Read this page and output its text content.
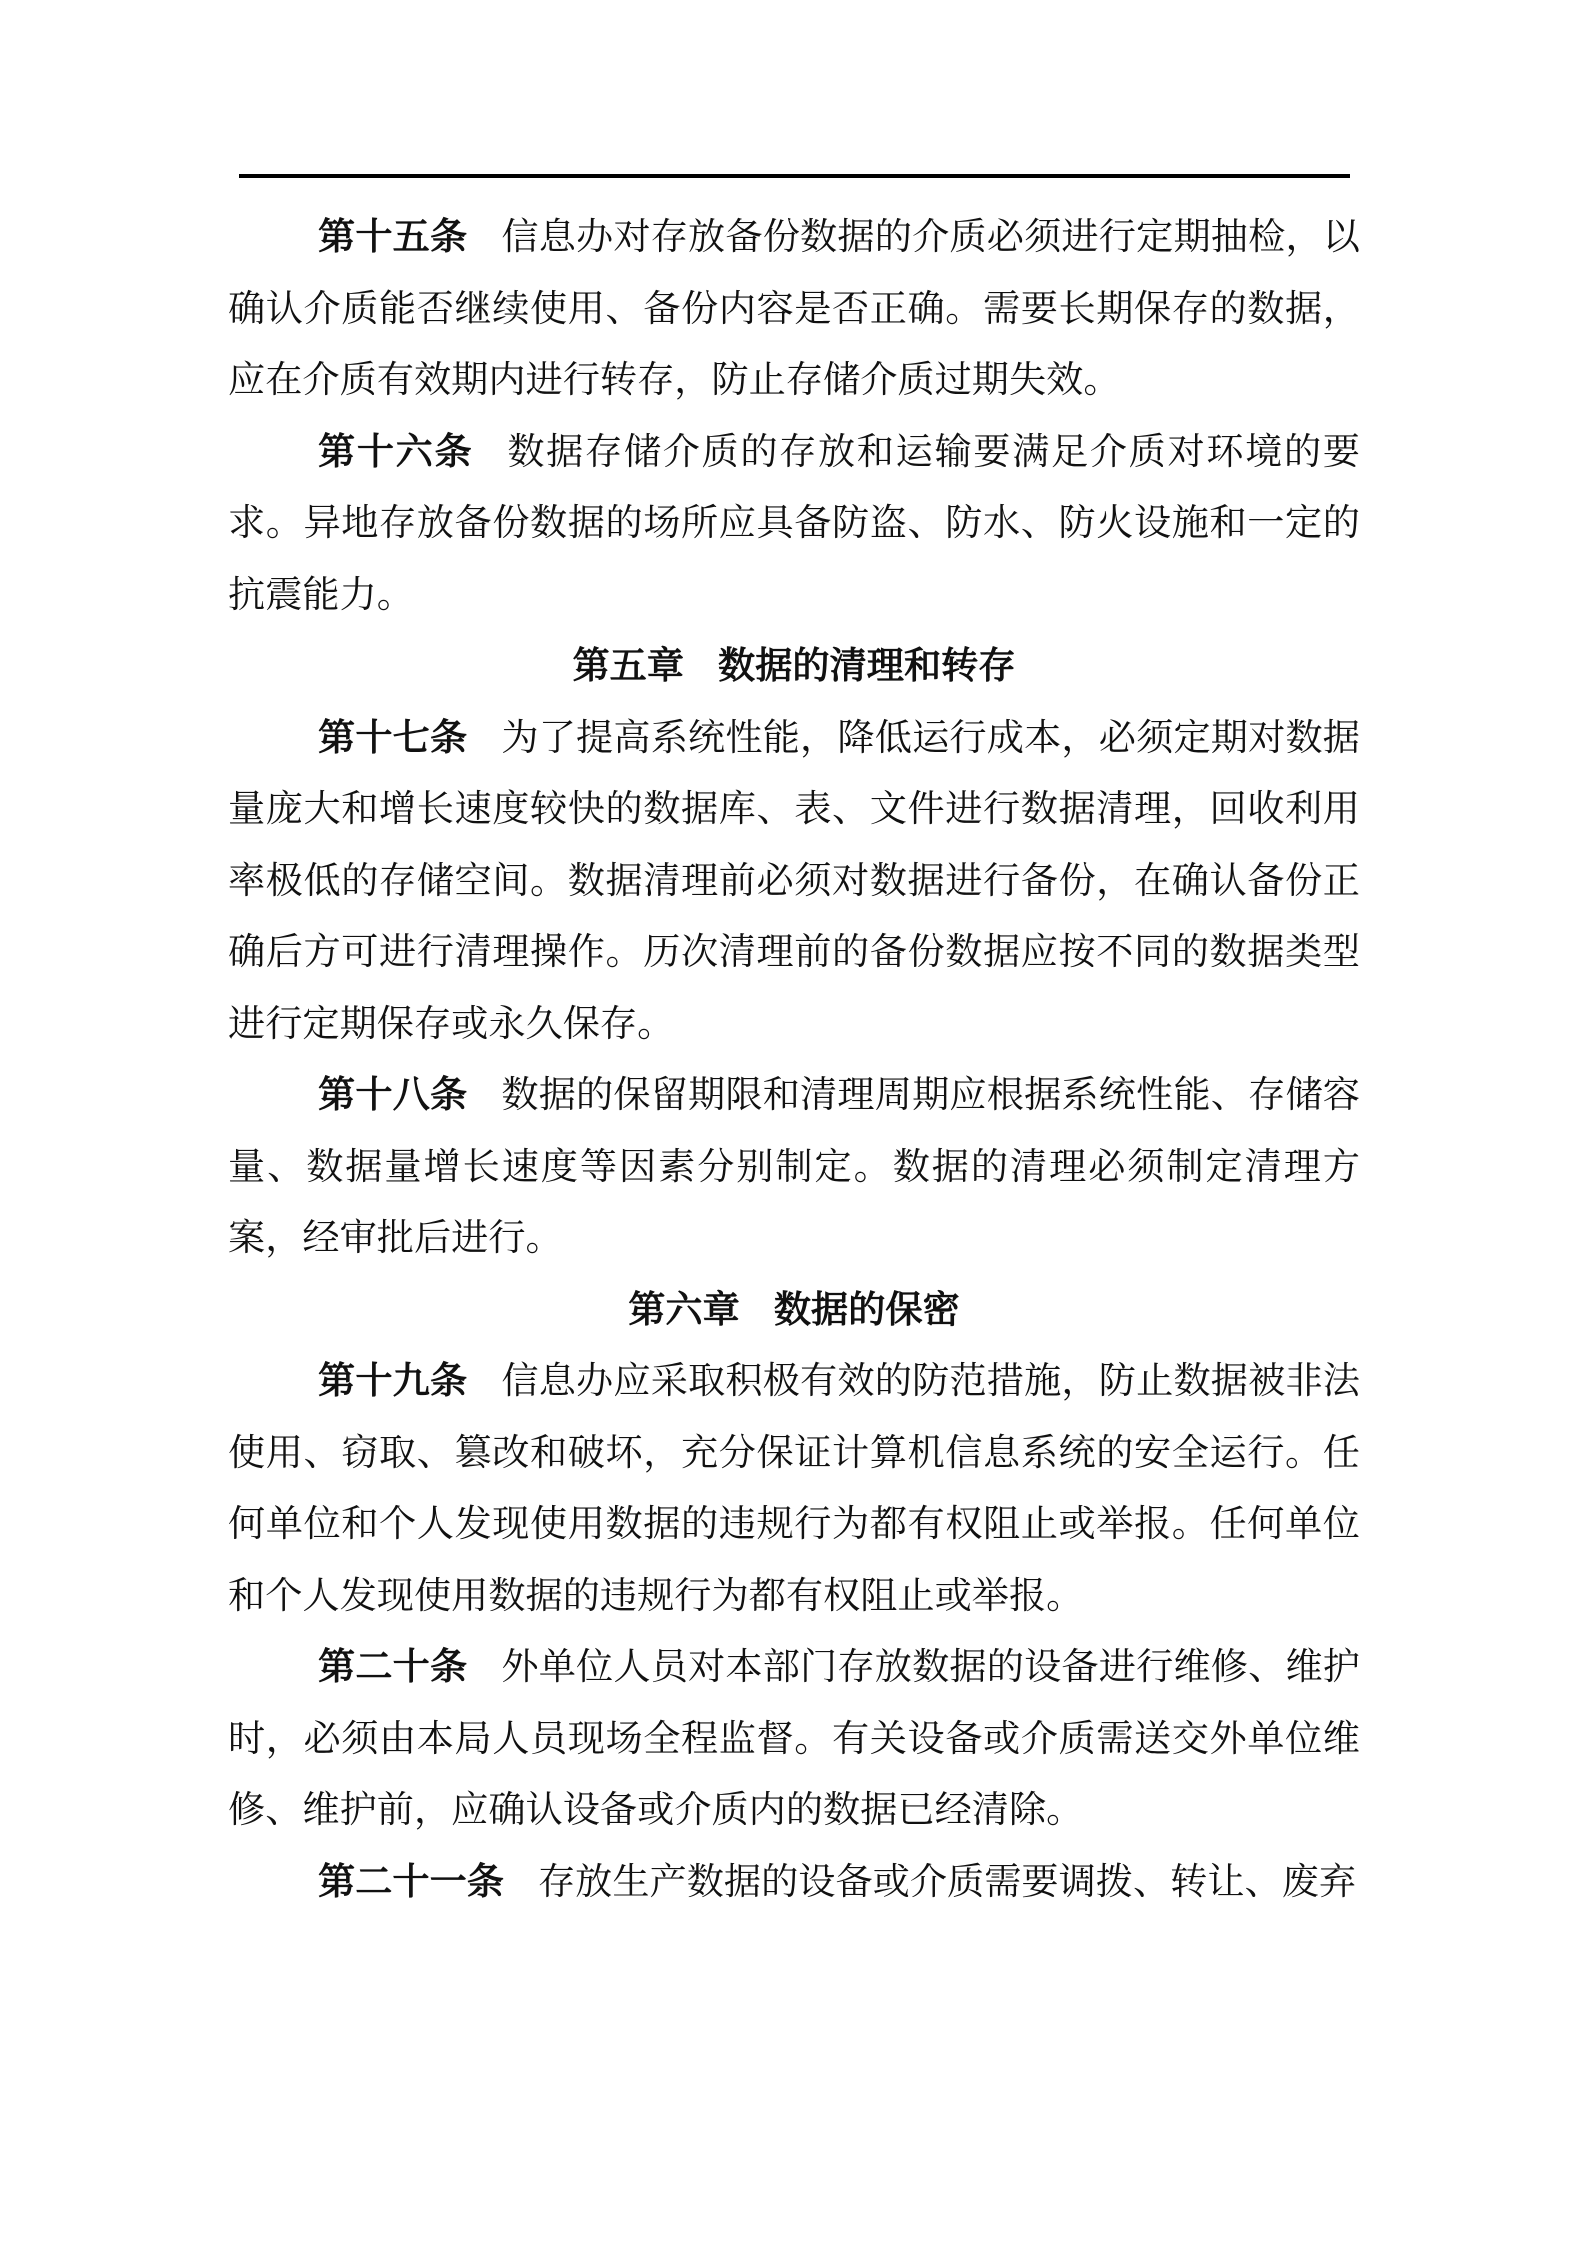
第十五条 信息办对存放备份数据的介质必须进行定期抽检，以确认介质能否继续使用、备份内容是否正确。需要长期保存的数据，应在介质有效期内进行转存，防止存储介质过期失效。

第十六条 数据存储介质的存放和运输要满足介质对环境的要求。异地存放备份数据的场所应具备防盗、防水、防火设施和一定的抗震能力。

第五章 数据的清理和转存

第十七条 为了提高系统性能，降低运行成本，必须定期对数据量庞大和增长速度较快的数据库、表、文件进行数据清理，回收利用率极低的存储空间。数据清理前必须对数据进行备份，在确认备份正确后方可进行清理操作。历次清理前的备份数据应按不同的数据类型进行定期保存或永久保存。

第十八条 数据的保留期限和清理周期应根据系统性能、存储容量、数据量增长速度等因素分别制定。数据的清理必须制定清理方案，经审批后进行。

第六章 数据的保密

第十九条 信息办应采取积极有效的防范措施，防止数据被非法使用、窃取、篡改和破坏，充分保证计算机信息系统的安全运行。任何单位和个人发现使用数据的违规行为都有权阻止或举报。任何单位和个人发现使用数据的违规行为都有权阻止或举报。

第二十条 外单位人员对本部门存放数据的设备进行维修、维护时，必须由本局人员现场全程监督。有关设备或介质需送交外单位维修、维护前，应确认设备或介质内的数据已经清除。

第二十一条 存放生产数据的设备或介质需要调拨、转让、废弃
